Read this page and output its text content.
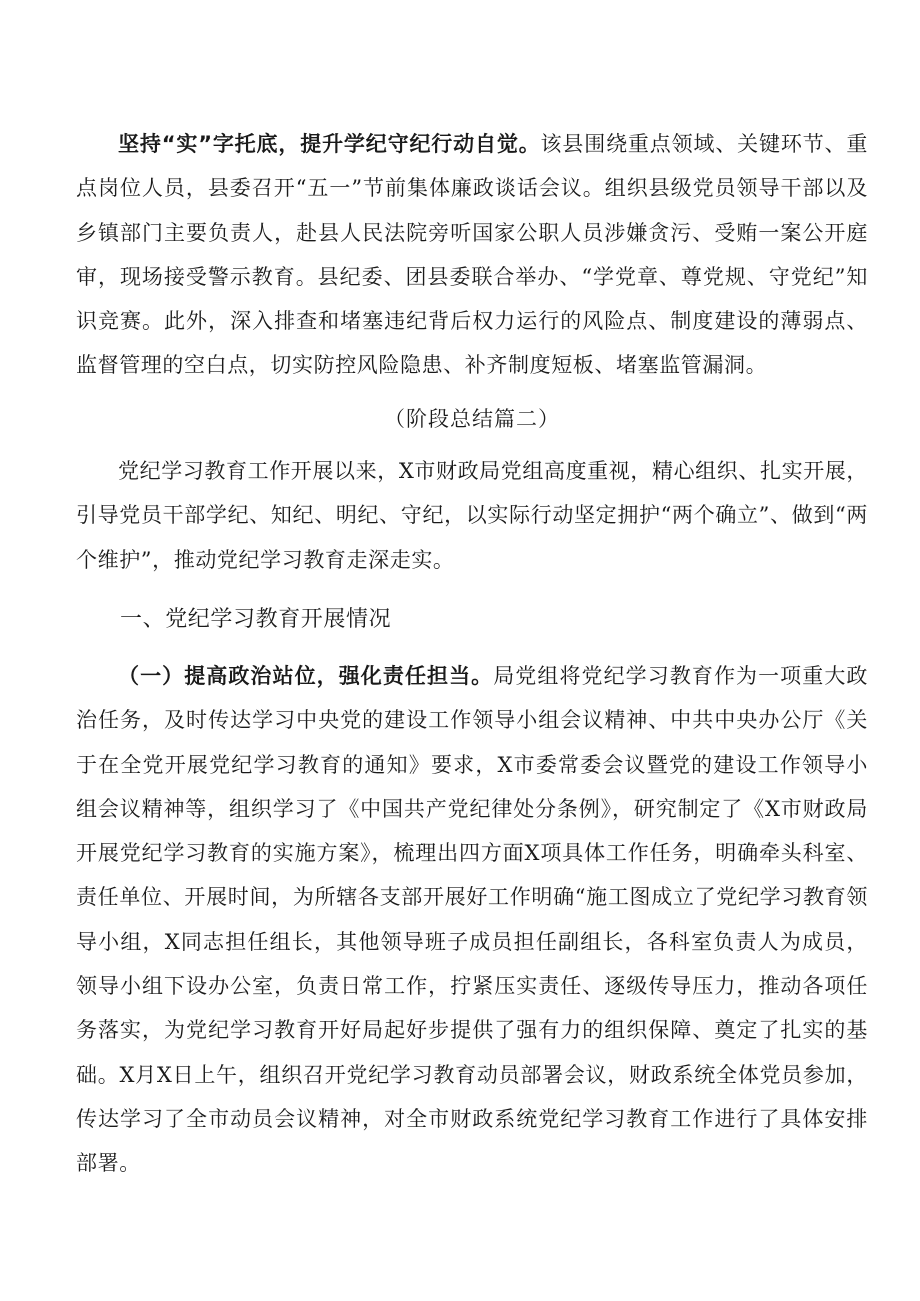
坚持“实”字托底，提升学纪守纪行动自觉。该县围绕重点领域、关键环节、重点岗位人员，县委召开“五一”节前集体廉政谈话会议。组织县级党员领导干部以及乡镇部门主要负责人，赴县人民法院旁听国家公职人员涉嫌贪污、受贿一案公开庭审，现场接受警示教育。县纪委、团县委联合举办、“学党章、尊党规、守党纪”知识竞赛。此外，深入排查和堵塞违纪背后权力运行的风险点、制度建设的薄弱点、监督管理的空白点，切实防控风险隐患、补齐制度短板、堵塞监管漏洞。

（阶段总结篇二）

党纪学习教育工作开展以来，X市财政局党组高度重视，精心组织、扎实开展，引导党员干部学纪、知纪、明纪、守纪，以实际行动坚定拥护“两个确立”、做到“两个维护”，推动党纪学习教育走深走实。

一、党纪学习教育开展情况

（一）提高政治站位，强化责任担当。局党组将党纪学习教育作为一项重大政治任务，及时传达学习中央党的建设工作领导小组会议精神、中共中央办公厅《关于在全党开展党纪学习教育的通知》要求，X市委常委会议暨党的建设工作领导小组会议精神等，组织学习了《中国共产党纪律处分条例》，研究制定了《X市财政局开展党纪学习教育的实施方案》，梳理出四方面X项具体工作任务，明确牵头科室、责任单位、开展时间，为所辖各支部开展好工作明确“施工图成立了党纪学习教育领导小组，X同志担任组长，其他领导班子成员担任副组长，各科室负责人为成员，领导小组下设办公室，负责日常工作，拧紧压实责任、逐级传导压力，推动各项任务落实，为党纪学习教育开好局起好步提供了强有力的组织保障、奠定了扎实的基础。X月X日上午，组织召开党纪学习教育动员部署会议，财政系统全体党员参加，传达学习了全市动员会议精神，对全市财政系统党纪学习教育工作进行了具体安排部署。
